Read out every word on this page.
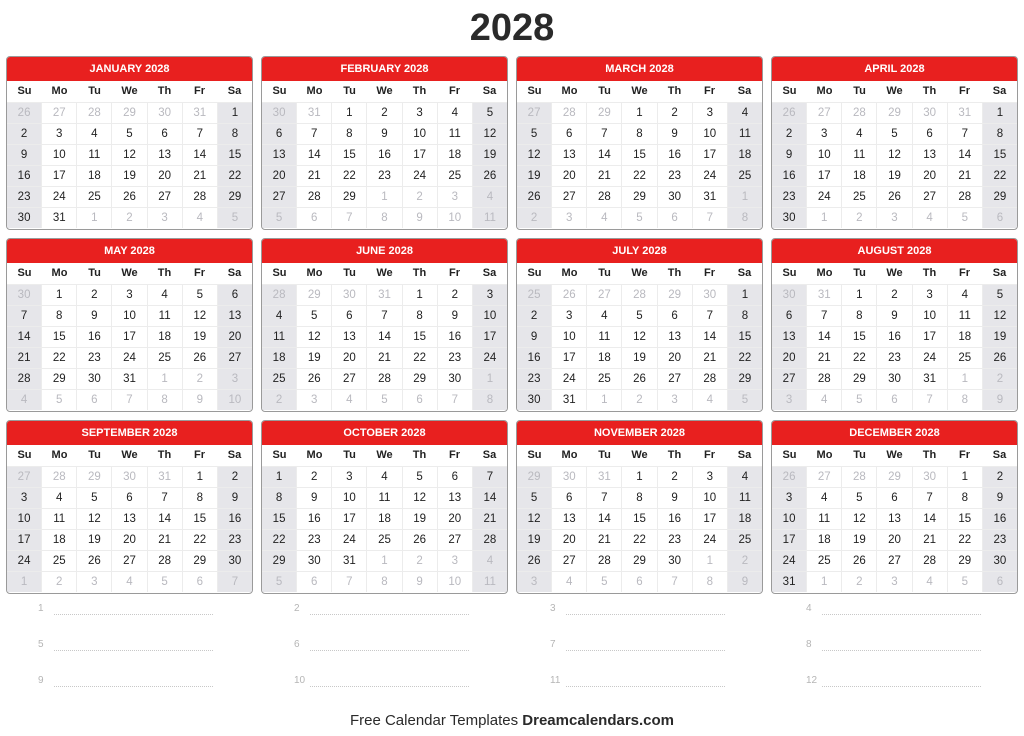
2028
JANUARY 2028
Su	Mo	Tu	We	Th	Fr	Sa
26	27	28	29	30	31	1
2	3	4	5	6	7	8
9	10	11	12	13	14	15
16	17	18	19	20	21	22
23	24	25	26	27	28	29
30	31	1	2	3	4	5
FEBRUARY 2028
Su	Mo	Tu	We	Th	Fr	Sa
30	31	1	2	3	4	5
6	7	8	9	10	11	12
13	14	15	16	17	18	19
20	21	22	23	24	25	26
27	28	29	1	2	3	4
5	6	7	8	9	10	11
MARCH 2028
Su	Mo	Tu	We	Th	Fr	Sa
27	28	29	1	2	3	4
5	6	7	8	9	10	11
12	13	14	15	16	17	18
19	20	21	22	23	24	25
26	27	28	29	30	31	1
2	3	4	5	6	7	8
APRIL 2028
Su	Mo	Tu	We	Th	Fr	Sa
26	27	28	29	30	31	1
2	3	4	5	6	7	8
9	10	11	12	13	14	15
16	17	18	19	20	21	22
23	24	25	26	27	28	29
30	1	2	3	4	5	6
MAY 2028
Su	Mo	Tu	We	Th	Fr	Sa
30	1	2	3	4	5	6
7	8	9	10	11	12	13
14	15	16	17	18	19	20
21	22	23	24	25	26	27
28	29	30	31	1	2	3
4	5	6	7	8	9	10
JUNE 2028
Su	Mo	Tu	We	Th	Fr	Sa
28	29	30	31	1	2	3
4	5	6	7	8	9	10
11	12	13	14	15	16	17
18	19	20	21	22	23	24
25	26	27	28	29	30	1
2	3	4	5	6	7	8
JULY 2028
Su	Mo	Tu	We	Th	Fr	Sa
25	26	27	28	29	30	1
2	3	4	5	6	7	8
9	10	11	12	13	14	15
16	17	18	19	20	21	22
23	24	25	26	27	28	29
30	31	1	2	3	4	5
AUGUST 2028
Su	Mo	Tu	We	Th	Fr	Sa
30	31	1	2	3	4	5
6	7	8	9	10	11	12
13	14	15	16	17	18	19
20	21	22	23	24	25	26
27	28	29	30	31	1	2
3	4	5	6	7	8	9
SEPTEMBER 2028
Su	Mo	Tu	We	Th	Fr	Sa
27	28	29	30	31	1	2
3	4	5	6	7	8	9
10	11	12	13	14	15	16
17	18	19	20	21	22	23
24	25	26	27	28	29	30
1	2	3	4	5	6	7
OCTOBER 2028
Su	Mo	Tu	We	Th	Fr	Sa
1	2	3	4	5	6	7
8	9	10	11	12	13	14
15	16	17	18	19	20	21
22	23	24	25	26	27	28
29	30	31	1	2	3	4
5	6	7	8	9	10	11
NOVEMBER 2028
Su	Mo	Tu	We	Th	Fr	Sa
29	30	31	1	2	3	4
5	6	7	8	9	10	11
12	13	14	15	16	17	18
19	20	21	22	23	24	25
26	27	28	29	30	1	2
3	4	5	6	7	8	9
DECEMBER 2028
Su	Mo	Tu	We	Th	Fr	Sa
26	27	28	29	30	1	2
3	4	5	6	7	8	9
10	11	12	13	14	15	16
17	18	19	20	21	22	23
24	25	26	27	28	29	30
31	1	2	3	4	5	6
1	2	3	4
5	6	7	8
9	10	11	12
Free Calendar Templates Dreamcalendars.com
